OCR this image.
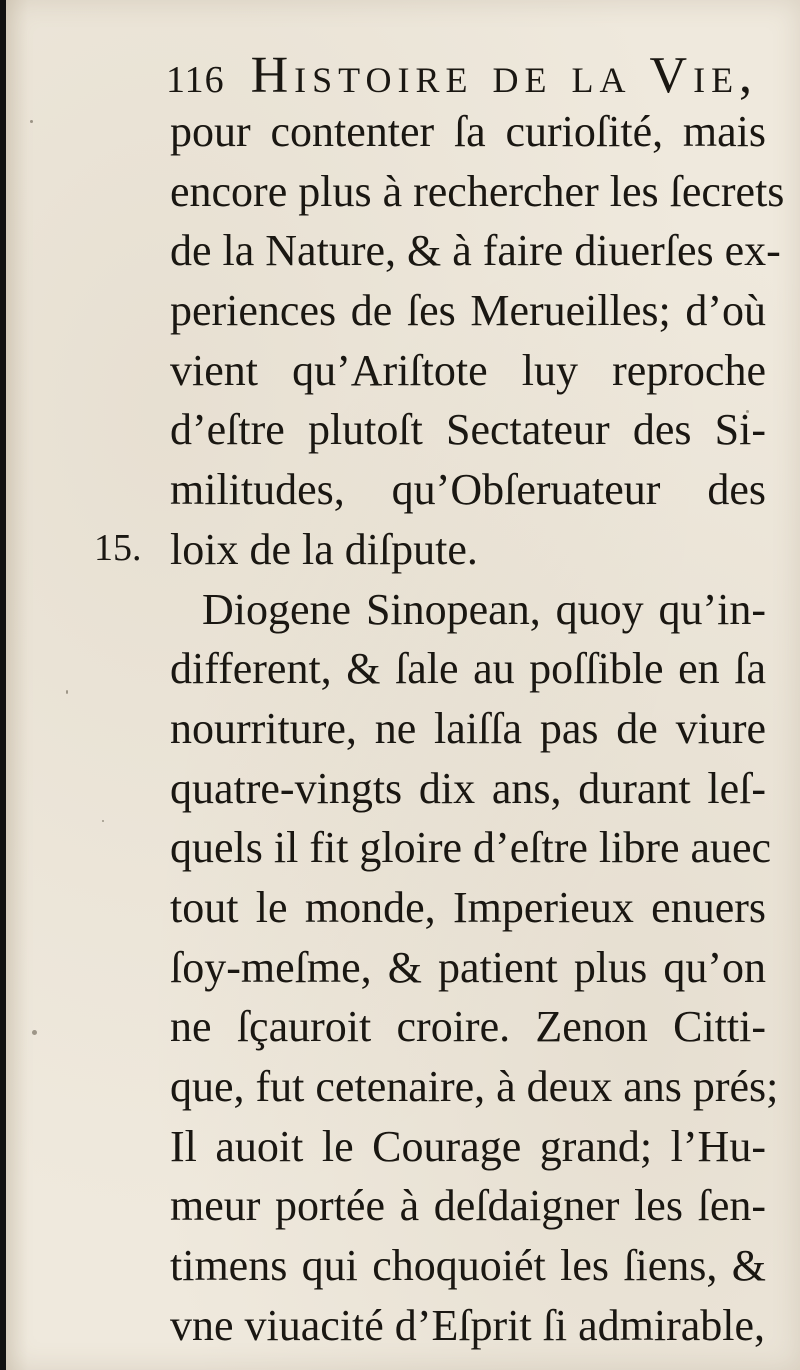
116 Histoire de la Vie,
15.
pour contenter ſa curioſité, mais
encore plus à rechercher les ſecrets
de la Nature, & à faire diuerſes ex-
periences de ſes Merueilles; d’où
vient qu’Ariſtote luy reproche
d’eſtre plutoſt Sectateur des Si-
militudes, qu’Obſeruateur des
loix de la diſpute.
Diogene Sinopean, quoy qu’in-
different, & ſale au poſſible en ſa
nourriture, ne laiſſa pas de viure
quatre-vingts dix ans, durant leſ-
quels il fit gloire d’eſtre libre auec
tout le monde, Imperieux enuers
ſoy-meſme, & patient plus qu’on
ne ſçauroit croire. Zenon Citti-
que, fut cetenaire, à deux ans prés;
Il auoit le Courage grand; l’Hu-
meur portée à deſdaigner les ſen-
timens qui choquoiét les ſiens, &
vne viuacité d’Eſprit ſi admirable,
